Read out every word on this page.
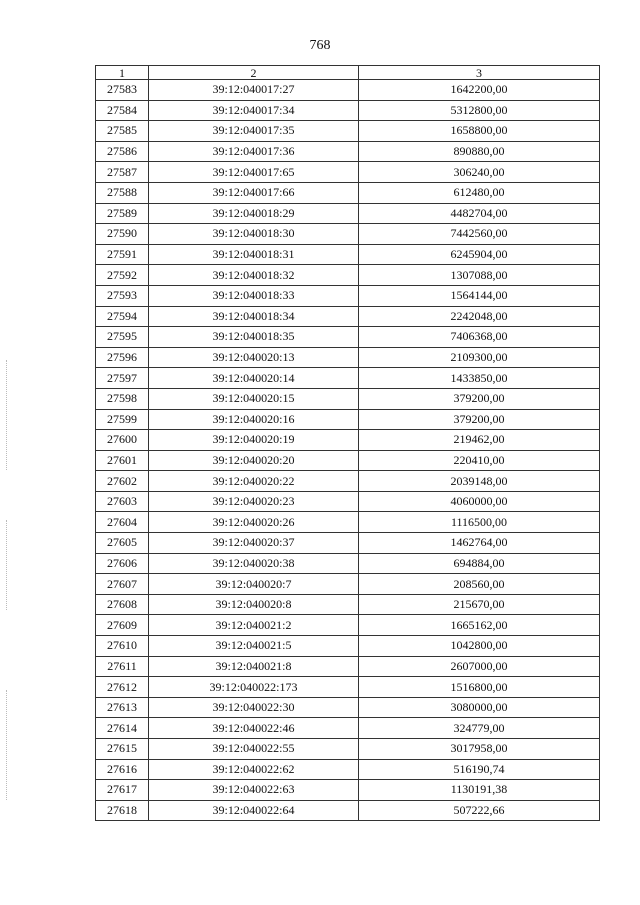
768
1	2	3
27583	39:12:040017:27	1642200,00
27584	39:12:040017:34	5312800,00
27585	39:12:040017:35	1658800,00
27586	39:12:040017:36	890880,00
27587	39:12:040017:65	306240,00
27588	39:12:040017:66	612480,00
27589	39:12:040018:29	4482704,00
27590	39:12:040018:30	7442560,00
27591	39:12:040018:31	6245904,00
27592	39:12:040018:32	1307088,00
27593	39:12:040018:33	1564144,00
27594	39:12:040018:34	2242048,00
27595	39:12:040018:35	7406368,00
27596	39:12:040020:13	2109300,00
27597	39:12:040020:14	1433850,00
27598	39:12:040020:15	379200,00
27599	39:12:040020:16	379200,00
27600	39:12:040020:19	219462,00
27601	39:12:040020:20	220410,00
27602	39:12:040020:22	2039148,00
27603	39:12:040020:23	4060000,00
27604	39:12:040020:26	1116500,00
27605	39:12:040020:37	1462764,00
27606	39:12:040020:38	694884,00
27607	39:12:040020:7	208560,00
27608	39:12:040020:8	215670,00
27609	39:12:040021:2	1665162,00
27610	39:12:040021:5	1042800,00
27611	39:12:040021:8	2607000,00
27612	39:12:040022:173	1516800,00
27613	39:12:040022:30	3080000,00
27614	39:12:040022:46	324779,00
27615	39:12:040022:55	3017958,00
27616	39:12:040022:62	516190,74
27617	39:12:040022:63	1130191,38
27618	39:12:040022:64	507222,66
